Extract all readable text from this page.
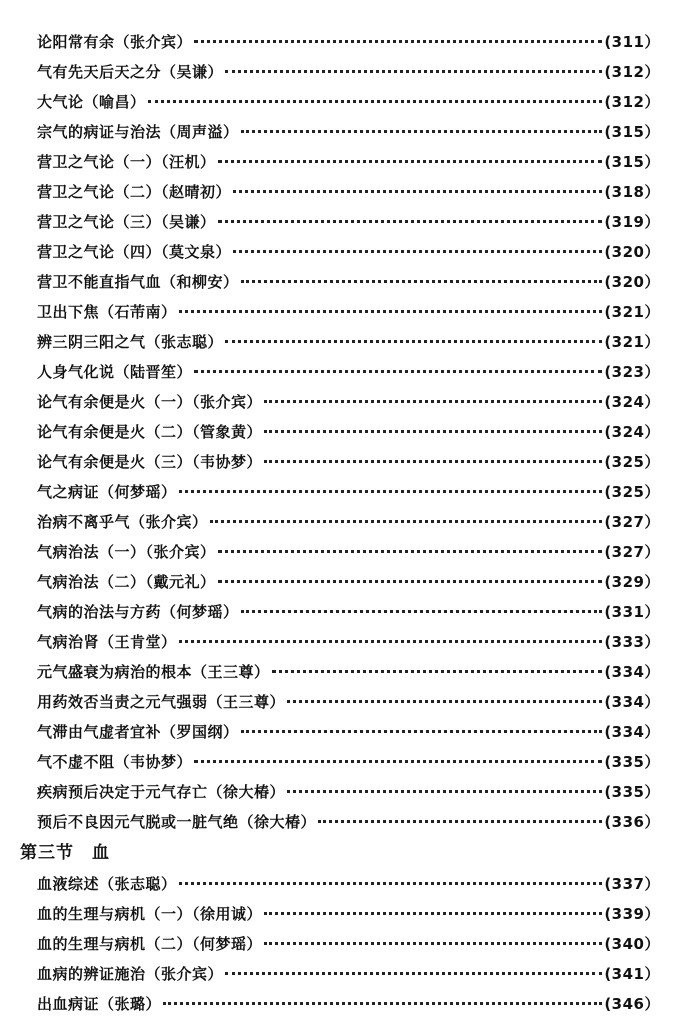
论阳常有余（张介宾）	(311）
气有先天后天之分（吴谦）	(312）
大气论（喻昌）	(312）
宗气的病证与治法（周声溢）	(315）
营卫之气论（一）（汪机）	(315）
营卫之气论（二）（赵晴初）	(318）
营卫之气论（三）（吴谦）	(319）
营卫之气论（四）（莫文泉）	(320）
营卫不能直指气血（和柳安）	(320）
卫出下焦（石芾南）	(321）
辨三阴三阳之气（张志聪）	(321）
人身气化说（陆晋笙）	(323）
论气有余便是火（一）（张介宾）	(324）
论气有余便是火（二）（管象黄）	(324）
论气有余便是火（三）（韦协梦）	(325）
气之病证（何梦瑶）	(325）
治病不离乎气（张介宾）	(327）
气病治法（一）（张介宾）	(327）
气病治法（二）（戴元礼）	(329）
气病的治法与方药（何梦瑶）	(331）
气病治肾（王肯堂）	(333）
元气盛衰为病治的根本（王三尊）	(334）
用药效否当责之元气强弱（王三尊）	(334）
气滞由气虚者宜补（罗国纲）	(334）
气不虚不阻（韦协梦）	(335）
疾病预后决定于元气存亡（徐大椿）	(335）
预后不良因元气脱或一脏气绝（徐大椿）	(336）
第三节　血
血液综述（张志聪）	(337）
血的生理与病机（一）（徐用诚）	(339）
血的生理与病机（二）（何梦瑶）	(340）
血病的辨证施治（张介宾）	(341）
出血病证（张璐）	(346）
